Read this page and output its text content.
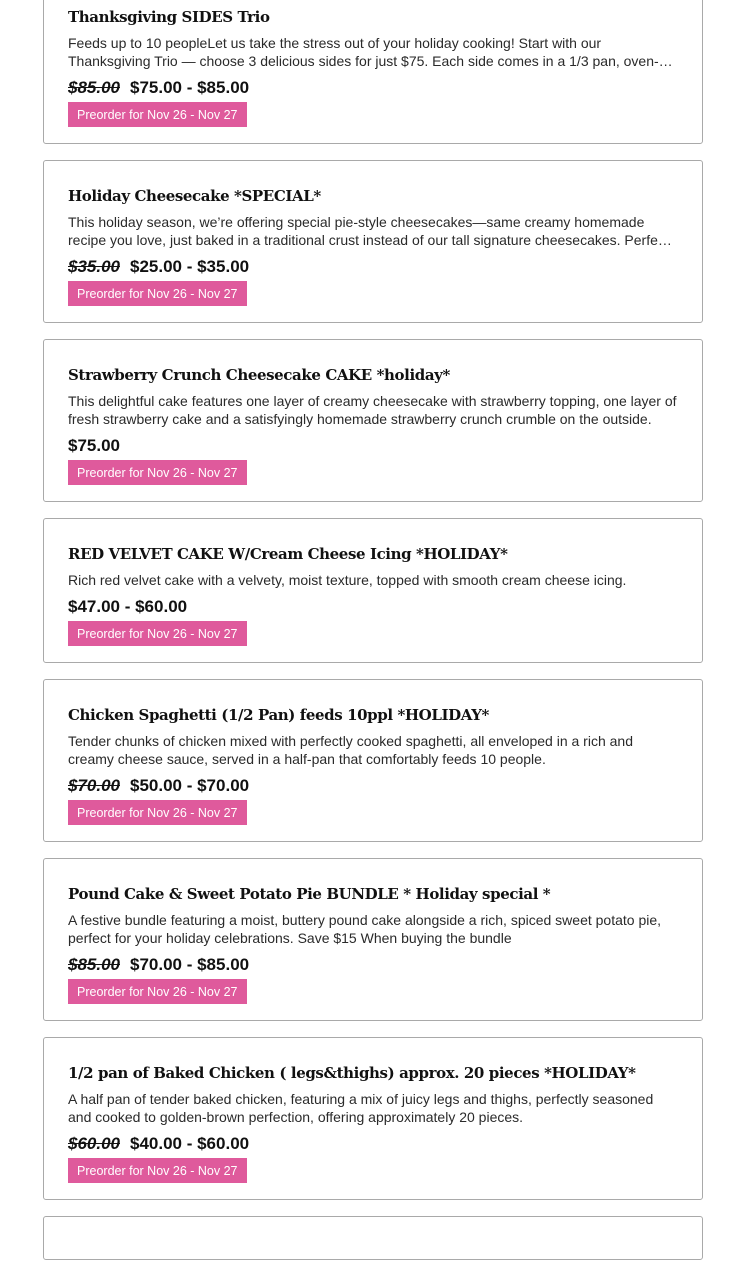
Thanksgiving SIDES Trio
Feeds up to 10 peopleLet us take the stress out of your holiday cooking! Start with our Thanksgiving Trio — choose 3 delicious sides for just $75. Each side comes in a 1/3 pan, oven-
$85.00 $75.00 - $85.00
Preorder for Nov 26 - Nov 27
Holiday Cheesecake *SPECIAL*
This holiday season, we’re offering special pie-style cheesecakes—same creamy homemade recipe you love, just baked in a traditional crust instead of our tall signature cheesecakes. Perfect
$35.00 $25.00 - $35.00
Preorder for Nov 26 - Nov 27
Strawberry Crunch Cheesecake CAKE *holiday*
This delightful cake features one layer of creamy cheesecake with strawberry topping, one layer of fresh strawberry cake and a satisfyingly homemade strawberry crunch crumble on the outside.
$75.00
Preorder for Nov 26 - Nov 27
RED VELVET CAKE W/Cream Cheese Icing *HOLIDAY*
Rich red velvet cake with a velvety, moist texture, topped with smooth cream cheese icing.
$47.00 - $60.00
Preorder for Nov 26 - Nov 27
Chicken Spaghetti (1/2 Pan) feeds 10ppl *HOLIDAY*
Tender chunks of chicken mixed with perfectly cooked spaghetti, all enveloped in a rich and creamy cheese sauce, served in a half-pan that comfortably feeds 10 people.
$70.00 $50.00 - $70.00
Preorder for Nov 26 - Nov 27
Pound Cake & Sweet Potato Pie BUNDLE * Holiday special *
A festive bundle featuring a moist, buttery pound cake alongside a rich, spiced sweet potato pie, perfect for your holiday celebrations. Save $15 When buying the bundle
$85.00 $70.00 - $85.00
Preorder for Nov 26 - Nov 27
1/2 pan of Baked Chicken ( legs&thighs) approx. 20 pieces *HOLIDAY*
A half pan of tender baked chicken, featuring a mix of juicy legs and thighs, perfectly seasoned and cooked to golden-brown perfection, offering approximately 20 pieces.
$60.00 $40.00 - $60.00
Preorder for Nov 26 - Nov 27
